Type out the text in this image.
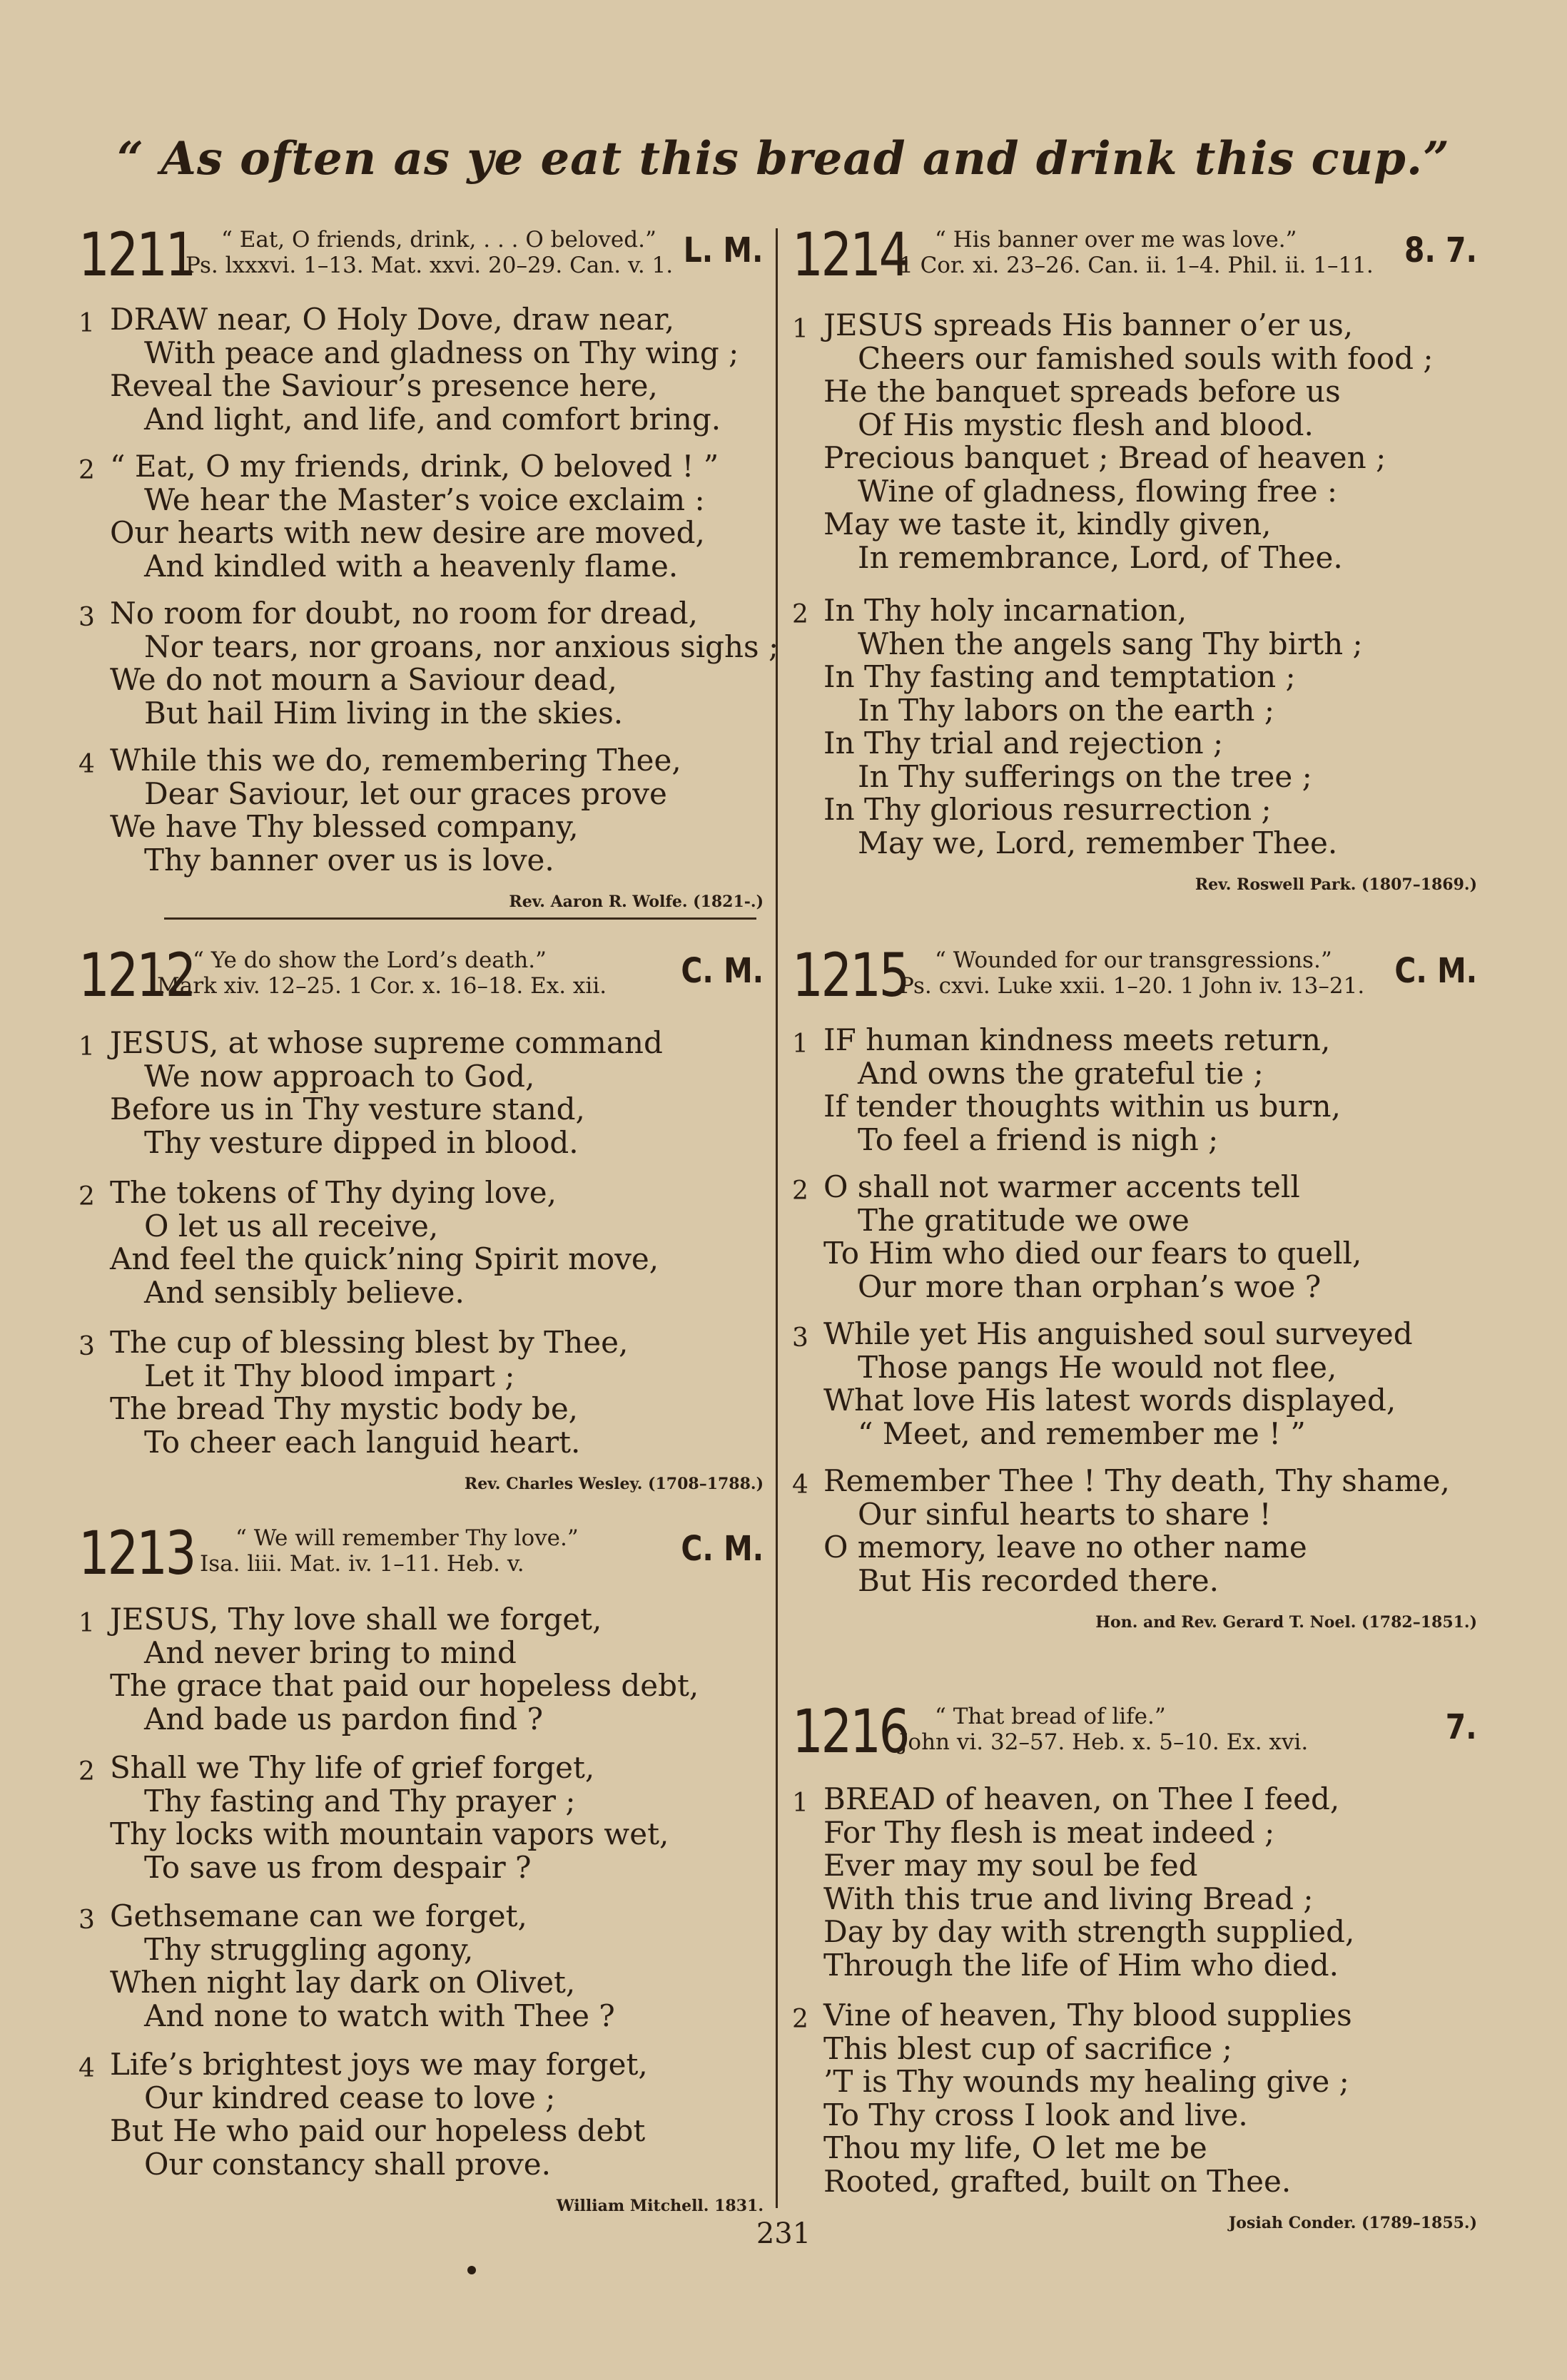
“ As often as ye eat this bread and drink this cup.”
1211 “ Eat, O friends, drink, . . . O beloved.”
Ps. lxxxvi. 1–13. Mat. xxvi. 20–29. Can. v. 1. L. M.
1 DRAW near, O Holy Dove, draw near,
With peace and gladness on Thy wing ;
Reveal the Saviour’s presence here,
And light, and life, and comfort bring.
2 “ Eat, O my friends, drink, O beloved ! ”
We hear the Master’s voice exclaim :
Our hearts with new desire are moved,
And kindled with a heavenly flame.
3 No room for doubt, no room for dread,
Nor tears, nor groans, nor anxious sighs ;
We do not mourn a Saviour dead,
But hail Him living in the skies.
4 While this we do, remembering Thee,
Dear Saviour, let our graces prove
We have Thy blessed company,
Thy banner over us is love.
Rev. Aaron R. Wolfe. (1821-.)
1212
“ Ye do show the Lord’s death.”
Mark xiv. 12–25. 1 Cor. x. 16–18. Ex. xii. C. M.
1 JESUS, at whose supreme command
We now approach to God,
Before us in Thy vesture stand,
Thy vesture dipped in blood.
2 The tokens of Thy dying love,
O let us all receive,
And feel the quick’ning Spirit move,
And sensibly believe.
3 The cup of blessing blest by Thee,
Let it Thy blood impart ;
The bread Thy mystic body be,
To cheer each languid heart.
Rev. Charles Wesley. (1708–1788.)
1213 “ We will remember Thy love.”
Isa. liii. Mat. iv. 1–11. Heb. v.	C. M.
1 JESUS, Thy love shall we forget,
And never bring to mind
The grace that paid our hopeless debt,
And bade us pardon find ?
2 Shall we Thy life of grief forget,
Thy fasting and Thy prayer ;
Thy locks with mountain vapors wet,
To save us from despair ?
3 Gethsemane can we forget,
Thy struggling agony,
When night lay dark on Olivet,
And none to watch with Thee ?
4 Life’s brightest joys we may forget,
Our kindred cease to love ;
But He who paid our hopeless debt
Our constancy shall prove.
William Mitchell. 1831.
1214 “ His banner over me was love.”
1 Cor. xi. 23–26. Can. ii. 1–4. Phil. ii. 1–11. 8. 7.
1 JESUS spreads His banner o’er us,
Cheers our famished souls with food ;
He the banquet spreads before us
Of His mystic flesh and blood.
Precious banquet ; Bread of heaven ;
Wine of gladness, flowing free :
May we taste it, kindly given,
In remembrance, Lord, of Thee.
2 In Thy holy incarnation,
When the angels sang Thy birth ;
In Thy fasting and temptation ;
In Thy labors on the earth ;
In Thy trial and rejection ;
In Thy sufferings on the tree ;
In Thy glorious resurrection ;
May we, Lord, remember Thee.
Rev. Roswell Park. (1807–1869.)
1215 “ Wounded for our transgressions.”
Ps. cxvi. Luke xxii. 1–20. 1 John iv. 13–21. C. M.
1 IF human kindness meets return,
And owns the grateful tie ;
If tender thoughts within us burn,
To feel a friend is nigh ;
2 O shall not warmer accents tell
The gratitude we owe
To Him who died our fears to quell,
Our more than orphan’s woe ?
3 While yet His anguished soul surveyed
Those pangs He would not flee,
What love His latest words displayed,
“ Meet, and remember me ! ”
4 Remember Thee ! Thy death, Thy shame,
Our sinful hearts to share !
O memory, leave no other name
But His recorded there.
Hon. and Rev. Gerard T. Noel. (1782–1851.)
1216 “ That bread of life.”
John vi. 32–57. Heb. x. 5–10. Ex. xvi.	7.
1 BREAD of heaven, on Thee I feed,
For Thy flesh is meat indeed ;
Ever may my soul be fed
With this true and living Bread ;
Day by day with strength supplied,
Through the life of Him who died.
2 Vine of heaven, Thy blood supplies
This blest cup of sacrifice ;
’T is Thy wounds my healing give ;
To Thy cross I look and live.
Thou my life, O let me be
Rooted, grafted, built on Thee.
Josiah Conder. (1789–1855.)
231
